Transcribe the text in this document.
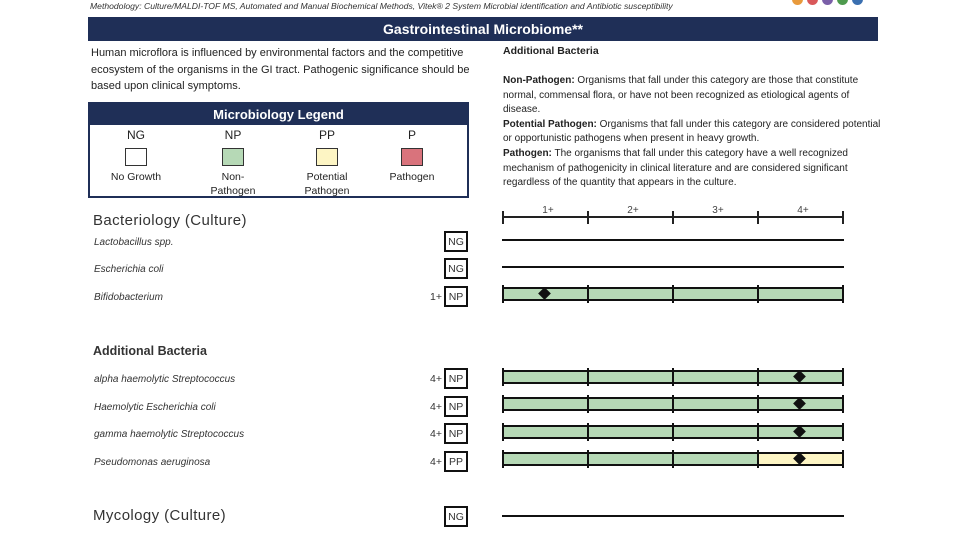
Methodology: Culture/MALDI-TOF MS, Automated and Manual Biochemical Methods, Vitek® 2 System Microbial identification and Antibiotic susceptibility
Gastrointestinal Microbiome**
Human microflora is influenced by environmental factors and the competitive ecosystem of the organisms in the GI tract. Pathogenic significance should be based upon clinical symptoms.
Microbiology Legend
NG
No Growth
NP
Non-
Pathogen
PP
Potential
Pathogen
P
Pathogen
Additional Bacteria
Non-Pathogen: Organisms that fall under this category are those that constitute normal, commensal flora, or have not been recognized as etiological agents of disease.
Potential Pathogen: Organisms that fall under this category are considered potential or opportunistic pathogens when present in heavy growth.
Pathogen: The organisms that fall under this category have a well recognized mechanism of pathogenicity in clinical literature and are considered significant regardless of the quantity that appears in the culture.
1+	2+	3+	4+
Bacteriology (Culture)
Additional Bacteria
Mycology (Culture)
Lactobacillus spp.	NG
Escherichia coli	NG
Bifidobacterium	1+ NP
alpha haemolytic Streptococcus	4+ NP
Haemolytic Escherichia coli	4+ NP
gamma haemolytic Streptococcus	4+ NP
Pseudomonas aeruginosa	4+ PP
NG
